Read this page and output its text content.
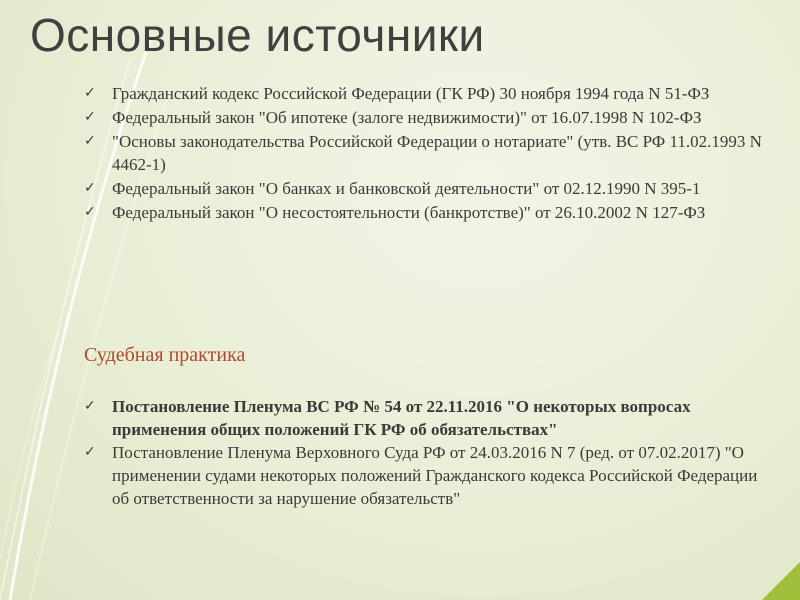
Основные источники
✓ Гражданский кодекс Российской Федерации (ГК РФ) 30 ноября 1994 года N 51-ФЗ
✓ Федеральный закон "Об ипотеке (залоге недвижимости)" от 16.07.1998 N 102-ФЗ
✓ "Основы законодательства Российской Федерации о нотариате" (утв. ВС РФ 11.02.1993 N 4462-1)
✓ Федеральный закон "О банках и банковской деятельности" от 02.12.1990 N 395-1
✓ Федеральный закон "О несостоятельности (банкротстве)" от 26.10.2002 N 127-ФЗ
Судебная практика
✓ Постановление Пленума ВС РФ № 54 от 22.11.2016 "О некоторых вопросах применения общих положений ГК РФ об обязательствах"
✓ Постановление Пленума Верховного Суда РФ от 24.03.2016 N 7 (ред. от 07.02.2017) "О применении судами некоторых положений Гражданского кодекса Российской Федерации об ответственности за нарушение обязательств"
